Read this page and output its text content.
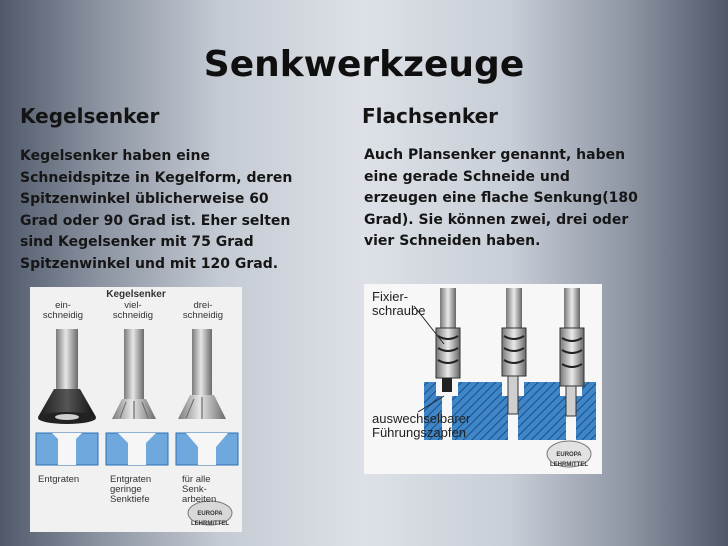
Senkwerkzeuge
Kegelsenker	Flachsenker
Kegelsenker haben eine
Schneidspitze in Kegelform, deren
Spitzenwinkel üblicherweise 60
Grad oder 90 Grad ist. Eher selten
sind Kegelsenker mit 75 Grad
Spitzenwinkel und mit 120 Grad.
Auch Plansenker genannt, haben
eine gerade Schneide und
erzeugen eine flache Senkung(180
Grad). Sie können zwei, drei oder
vier Schneiden haben.
Kegelsenker
ein-
schneidig
viel-
schneidig
drei-
schneidig
Entgraten	Entgraten
geringe
Senktiefe
für alle
Senk-
arbeiten
EUROPA LEHRMITTEL
Fixier-
schraube
auswechselbarer
Führungszapfen
EUROPA LEHRMITTEL
